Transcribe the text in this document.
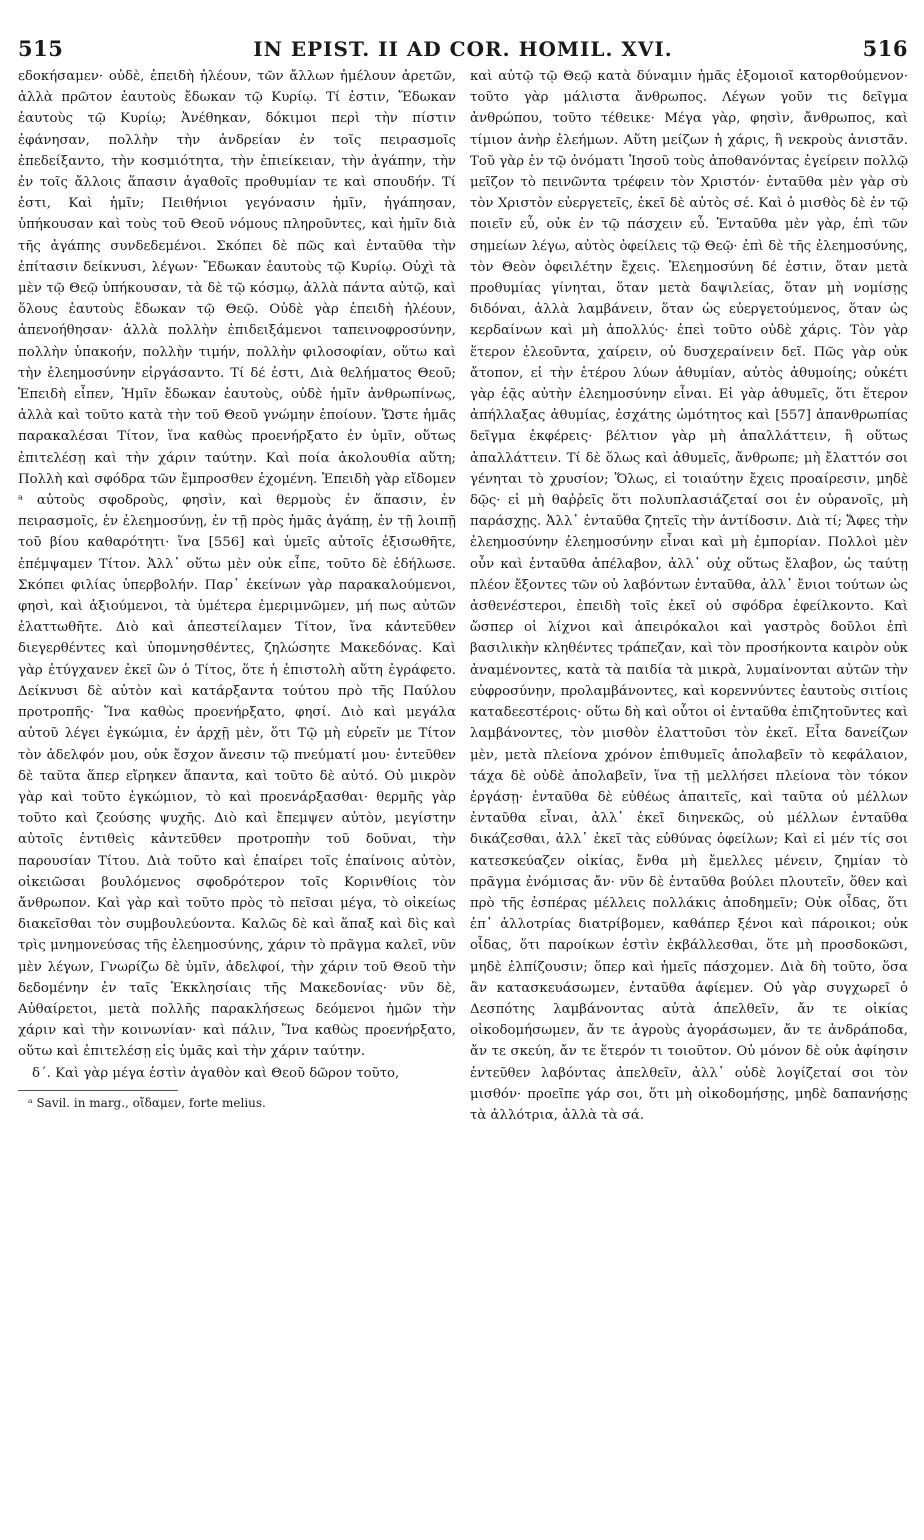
515	IN EPIST. II AD COR. HOMIL. XVI.	516

εδοκήσαμεν· οὐδὲ, ἐπειδὴ ἠλέουν, τῶν ἄλλων ἠμέλουν ἀρετῶν, ἀλλὰ πρῶτον ἑαυτοὺς ἔδωκαν τῷ Κυρίῳ. Τί ἐστιν, Ἔδωκαν ἑαυτοὺς τῷ Κυρίῳ; Ἀνέθηκαν, δόκιμοι περὶ τὴν πίστιν ἐφάνησαν, πολλὴν τὴν ἀνδρείαν ἐν τοῖς πειρασμοῖς ἐπεδείξαντο, τὴν κοσμιότητα, τὴν ἐπιείκειαν, τὴν ἀγάπην, τὴν ἐν τοῖς ἄλλοις ἅπασιν ἀγαθοῖς προθυμίαν τε καὶ σπουδήν. Τί ἐστι, Καὶ ἡμῖν; Πειθήνιοι γεγόνασιν ἡμῖν, ἠγάπησαν, ὑπήκουσαν καὶ τοὺς τοῦ Θεοῦ νόμους πληρoῦντες, καὶ ἡμῖν διὰ τῆς ἀγάπης συνδεδεμένοι. Σκόπει δὲ πῶς καὶ ἐνταῦθα τὴν ἐπίτασιν δείκνυσι, λέγων· Ἔδωκαν ἑαυτοὺς τῷ Κυρίῳ. Οὐχὶ τὰ μὲν τῷ Θεῷ ὑπήκουσαν, τὰ δὲ τῷ κόσμῳ, ἀλλὰ πάντα αὐτῷ, καὶ ὅλους ἑαυτοὺς ἔδωκαν τῷ Θεῷ. Οὐδὲ γὰρ ἐπειδὴ ἠλέουν, ἀπενοήθησαν· ἀλλὰ πολλὴν ἐπιδειξάμενοι ταπεινοφροσύνην, πολλὴν ὑπακοήν, πολλὴν τιμήν, πολλὴν φιλοσοφίαν, οὕτω καὶ τὴν ἐλεημοσύνην εἰργάσαντο. Τί δέ ἐστι, Διὰ θελήματος Θεοῦ; Ἐπειδὴ εἶπεν, Ἡμῖν ἔδωκαν ἑαυτοὺς, οὐδὲ ἡμῖν ἀνθρωπίνως, ἀλλὰ καὶ τοῦτο κατὰ τὴν τοῦ Θεοῦ γνώμην ἐποίουν. Ὥστε ἡμᾶς παρακαλέσαι Τίτον, ἵνα καθὼς προενήρξατο ἐν ὑμῖν, οὕτως ἐπιτελέσῃ καὶ τὴν χάριν ταύτην. Καὶ ποία ἀκολουθία αὕτη; Πολλὴ καὶ σφόδρα τῶν ἔμπροσθεν ἐχομένη. Ἐπειδὴ γὰρ εἴδομεν ᵃ αὐτοὺς σφοδροὺς, φησὶν, καὶ θερμοὺς ἐν ἅπασιν, ἐν πειρασμοῖς, ἐν ἐλεημοσύνῃ, ἐν τῇ πρὸς ἡμᾶς ἀγάπῃ, ἐν τῇ λοιπῇ τοῦ βίου καθαρότητι· ἵνα [556] καὶ ὑμεῖς αὐτοῖς ἐξισωθῆτε, ἐπέμψαμεν Τίτον. Ἀλλ᾿ οὕτω μὲν οὐκ εἶπε, τοῦτο δὲ ἐδήλωσε. Σκόπει φιλίας ὑπερβολήν. Παρ᾿ ἐκείνων γὰρ παρακαλούμενοι, φησὶ, καὶ ἀξιούμενοι, τὰ ὑμέτερα ἐμεριμνῶμεν, μή πως αὐτῶν ἐλαττωθῆτε. Διὸ καὶ ἀπεστείλαμεν Τίτον, ἵνα κἀντεῦθεν διεγερθέντες καὶ ὑπομνησθέντες, ζηλώσητε Μακεδόνας. Καὶ γὰρ ἐτύγχανεν ἐκεῖ ὢν ὁ Τίτος, ὅτε ἡ ἐπιστολὴ αὕτη ἐγράφετο. Δείκνυσι δὲ αὐτὸν καὶ κατάρξαντα τούτου πρὸ τῆς Παύλου προτροπῆς· Ἵνα καθὼς προενήρξατο, φησί. Διὸ καὶ μεγάλα αὐτοῦ λέγει ἐγκώμια, ἐν ἀρχῇ μὲν, ὅτι Τῷ μὴ εὑρεῖν με Τίτον τὸν ἀδελφόν μου, οὐκ ἔσχον ἄνεσιν τῷ πνεύματί μου· ἐντεῦθεν δὲ ταῦτα ἅπερ εἴρηκεν ἅπαντα, καὶ τοῦτο δὲ αὐτό. Οὐ μικρὸν γὰρ καὶ τοῦτο ἐγκώμιον, τὸ καὶ προενάρξασθαι· θερμῆς γὰρ τοῦτο καὶ ζεούσης ψυχῆς. Διὸ καὶ ἔπεμψεν αὐτὸν, μεγίστην αὐτοῖς ἐντιθεὶς κἀντεῦθεν προτροπὴν τοῦ δοῦναι, τὴν παρουσίαν Τίτου. Διὰ τοῦτο καὶ ἐπαίρει τοῖς ἐπαίνοις αὐτὸν, οἰκειῶσαι βουλόμενος σφοδρότερον τοῖς Κορινθίοις τὸν ἄνθρωπον. Καὶ γὰρ καὶ τοῦτο πρὸς τὸ πεῖσαι μέγα, τὸ οἰκείως διακεῖσθαι τὸν συμβουλεύοντα. Καλῶς δὲ καὶ ἅπαξ καὶ δὶς καὶ τρὶς μνημονεύσας τῆς ἐλεημοσύνης, χάριν τὸ πρᾶγμα καλεῖ, νῦν μὲν λέγων, Γνωρίζω δὲ ὑμῖν, ἀδελφοί, τὴν χάριν τοῦ Θεοῦ τὴν δεδομένην ἐν ταῖς Ἐκκλησίαις τῆς Μακεδονίας· νῦν δὲ, Αὐθαίρετοι, μετὰ πολλῆς παρακλήσεως δεόμενοι ἡμῶν τὴν χάριν καὶ τὴν κοινωνίαν· καὶ πάλιν, Ἵνα καθὼς προενήρξατο, οὕτω καὶ ἐπιτελέσῃ εἰς ὑμᾶς καὶ τὴν χάριν ταύτην.

δ΄. Καὶ γὰρ μέγα ἐστὶν ἀγαθὸν καὶ Θεοῦ δῶρον τοῦτο,

ᵃ Savil. in marg., οἴδαμεν, forte melius.

καὶ αὐτῷ τῷ Θεῷ κατὰ δύναμιν ἡμᾶς ἐξομοιοῖ κατορθούμενον· τοῦτο γὰρ μάλιστα ἄνθρωπος. Λέγων γοῦν τις δεῖγμα ἀνθρώπου, τοῦτο τέθεικε· Μέγα γὰρ, φησὶν, ἄνθρωπος, καὶ τίμιον ἀνὴρ ἐλεήμων. Αὕτη μείζων ἡ χάρις, ἢ νεκροὺς ἀνιστᾶν. Τοῦ γὰρ ἐν τῷ ὀνόματι Ἰησοῦ τοὺς ἀποθανόντας ἐγείρειν πολλῷ μεῖζον τὸ πεινῶντα τρέφειν τὸν Χριστόν· ἐνταῦθα μὲν γὰρ σὺ τὸν Χριστὸν εὐεργετεῖς, ἐκεῖ δὲ αὐτὸς σέ. Καὶ ὁ μισθὸς δὲ ἐν τῷ ποιεῖν εὖ, οὐκ ἐν τῷ πάσχειν εὖ. Ἐνταῦθα μὲν γὰρ, ἐπὶ τῶν σημείων λέγω, αὐτὸς ὀφείλεις τῷ Θεῷ· ἐπὶ δὲ τῆς ἐλεημοσύνης, τὸν Θεὸν ὀφειλέτην ἔχεις. Ἐλεημοσύνη δέ ἐστιν, ὅταν μετὰ προθυμίας γίνηται, ὅταν μετὰ δαψιλείας, ὅταν μὴ νομίσῃς διδόναι, ἀλλὰ λαμβάνειν, ὅταν ὡς εὐεργετούμενος, ὅταν ὡς κερδαίνων καὶ μὴ ἀπολλύς· ἐπεὶ τοῦτο οὐδὲ χάρις. Τὸν γὰρ ἕτερον ἐλεοῦντα, χαίρειν, οὐ δυσχεραίνειν δεῖ. Πῶς γὰρ οὐκ ἄτοπον, εἰ τὴν ἑτέρου λύων ἀθυμίαν, αὐτὸς ἀθυμοίης; οὐκέτι γὰρ ἐᾷς αὐτὴν ἐλεημοσύνην εἶναι. Εἰ γὰρ ἀθυμεῖς, ὅτι ἕτερον ἀπήλλαξας ἀθυμίας, ἐσχάτης ὠμότητος καὶ [557] ἀπανθρωπίας δεῖγμα ἐκφέρεις· βέλτιον γὰρ μὴ ἀπαλλάττειν, ἢ οὕτως ἀπαλλάττειν. Τί δὲ ὅλως καὶ ἀθυμεῖς, ἄνθρωπε; μὴ ἔλαττόν σοι γένηται τὸ χρυσίον; Ὅλως, εἰ τοιαύτην ἔχεις προαίρεσιν, μηδὲ δῷς· εἰ μὴ θαῤῥεῖς ὅτι πολυπλασιάζεταί σοι ἐν οὐρανοῖς, μὴ παράσχῃς. Ἀλλ᾿ ἐνταῦθα ζητεῖς τὴν ἀντίδοσιν. Διὰ τί; Ἄφες τὴν ἐλεημοσύνην ἐλεημοσύνην εἶναι καὶ μὴ ἐμπορίαν. Πολλοὶ μὲν οὖν καὶ ἐνταῦθα ἀπέλαβον, ἀλλ᾿ οὐχ οὕτως ἔλαβον, ὡς ταύτῃ πλέον ἔξοντες τῶν οὐ λαβόντων ἐνταῦθα, ἀλλ᾿ ἔνιοι τούτων ὡς ἀσθενέστεροι, ἐπειδὴ τοῖς ἐκεῖ οὐ σφόδρα ἐφείλκοντο. Καὶ ὥσπερ οἱ λίχνοι καὶ ἀπειρόκαλοι καὶ γαστρὸς δοῦλοι ἐπὶ βασιλικὴν κληθέντες τράπεζαν, καὶ τὸν προσήκοντα καιρὸν οὐκ ἀναμένοντες, κατὰ τὰ παιδία τὰ μικρὰ, λυμαίνονται αὐτῶν τὴν εὐφροσύνην, προλαμβάνοντες, καὶ κορεννύντες ἑαυτοὺς σιτίοις καταδεεστέροις· οὕτω δὴ καὶ οὗτοι οἱ ἐνταῦθα ἐπιζητοῦντες καὶ λαμβάνοντες, τὸν μισθὸν ἐλαττοῦσι τὸν ἐκεῖ. Εἶτα δανείζων μὲν, μετὰ πλείονα χρόνον ἐπιθυμεῖς ἀπολαβεῖν τὸ κεφάλαιον, τάχα δὲ οὐδὲ ἀπολαβεῖν, ἵνα τῇ μελλήσει πλείονα τὸν τόκον ἐργάσῃ· ἐνταῦθα δὲ εὐθέως ἀπαιτεῖς, καὶ ταῦτα οὐ μέλλων ἐνταῦθα εἶναι, ἀλλ᾿ ἐκεῖ διηνεκῶς, οὐ μέλλων ἐνταῦθα δικάζεσθαι, ἀλλ᾿ ἐκεῖ τὰς εὐθύνας ὀφείλων; Καὶ εἰ μέν τίς σοι κατεσκεύαζεν οἰκίας, ἔνθα μὴ ἔμελλες μένειν, ζημίαν τὸ πρᾶγμα ἐνόμισας ἄν· νῦν δὲ ἐνταῦθα βούλει πλουτεῖν, ὅθεν καὶ πρὸ τῆς ἑσπέρας μέλλεις πολλάκις ἀποδημεῖν; Οὐκ οἶδας, ὅτι ἐπ᾿ ἀλλοτρίας διατρίβομεν, καθάπερ ξένοι καὶ πάροικοι; οὐκ οἶδας, ὅτι παροίκων ἐστὶν ἐκβάλλεσθαι, ὅτε μὴ προσδοκῶσι, μηδὲ ἐλπίζουσιν; ὅπερ καὶ ἡμεῖς πάσχομεν. Διὰ δὴ τοῦτο, ὅσα ἂν κατασκευάσωμεν, ἐνταῦθα ἀφίεμεν. Οὐ γὰρ συγχωρεῖ ὁ Δεσπότης λαμβάνοντας αὐτὰ ἀπελθεῖν, ἄν τε οἰκίας οἰκοδομήσωμεν, ἄν τε ἀγροὺς ἀγοράσωμεν, ἄν τε ἀνδράποδα, ἄν τε σκεύη, ἄν τε ἕτερόν τι τοιοῦτον. Οὐ μόνον δὲ οὐκ ἀφίησιν ἐντεῦθεν λαβόντας ἀπελθεῖν, ἀλλ᾿ οὐδὲ λογίζεταί σοι τὸν μισθόν· προεῖπε γάρ σοι, ὅτι μὴ οἰκοδομήσῃς, μηδὲ δαπανήσῃς τὰ ἀλλότρια, ἀλλὰ τὰ σά.
